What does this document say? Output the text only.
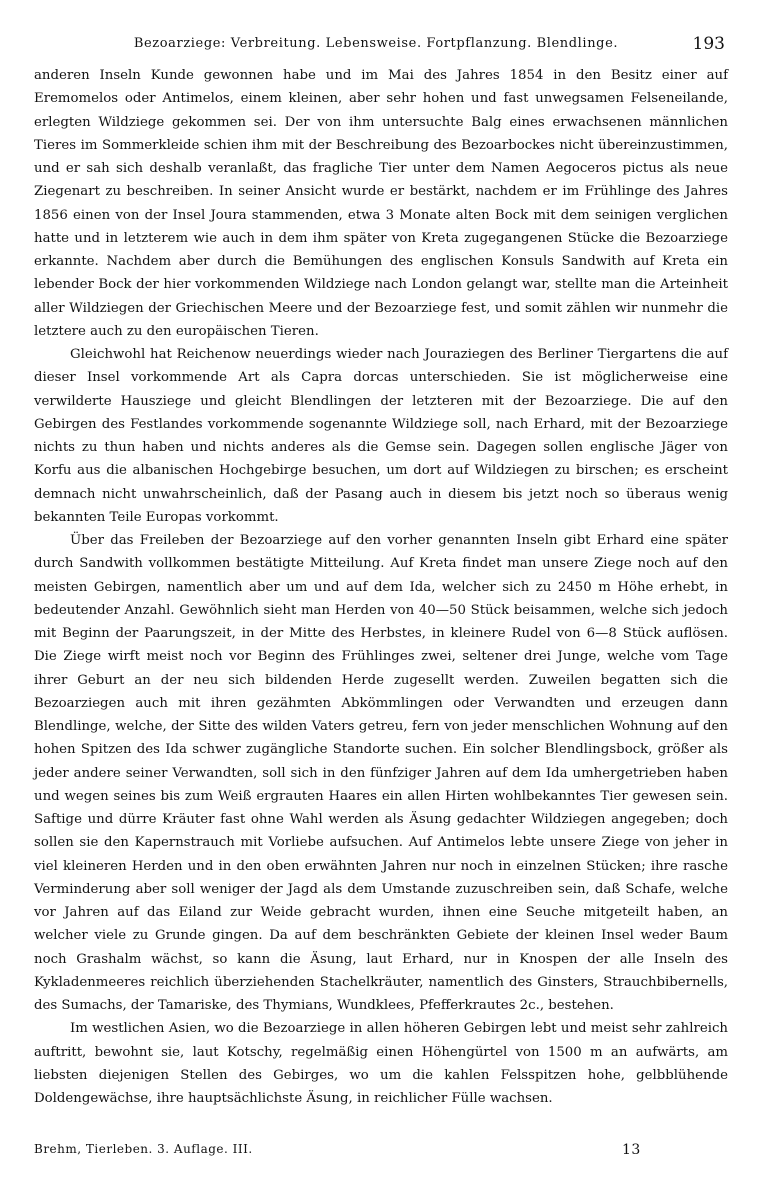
Bezoarziege: Verbreitung. Lebensweise. Fortpflanzung. Blendlinge.	193

anderen Inseln Kunde gewonnen habe und im Mai des Jahres 1854 in den Besitz einer auf Eremomelos oder Antimelos, einem kleinen, aber sehr hohen und fast unwegsamen Felseneilande, erlegten Wildziege gekommen sei. Der von ihm untersuchte Balg eines erwachsenen männlichen Tieres im Sommerkleide schien ihm mit der Beschreibung des Bezoarbockes nicht übereinzustimmen, und er sah sich deshalb veranlaßt, das fragliche Tier unter dem Namen Aegoceros pictus als neue Ziegenart zu beschreiben. In seiner Ansicht wurde er bestärkt, nachdem er im Frühlinge des Jahres 1856 einen von der Insel Joura stammenden, etwa 3 Monate alten Bock mit dem seinigen verglichen hatte und in letzterem wie auch in dem ihm später von Kreta zugegangenen Stücke die Bezoarziege erkannte. Nachdem aber durch die Bemühungen des englischen Konsuls Sandwith auf Kreta ein lebender Bock der hier vorkommenden Wildziege nach London gelangt war, stellte man die Arteinheit aller Wildziegen der Griechischen Meere und der Bezoarziege fest, und somit zählen wir nunmehr die letztere auch zu den europäischen Tieren.

Gleichwohl hat Reichenow neuerdings wieder nach Jouraziegen des Berliner Tiergartens die auf dieser Insel vorkommende Art als Capra dorcas unterschieden. Sie ist möglicherweise eine verwilderte Hausziege und gleicht Blendlingen der letzteren mit der Bezoarziege. Die auf den Gebirgen des Festlandes vorkommende sogenannte Wildziege soll, nach Erhard, mit der Bezoarziege nichts zu thun haben und nichts anderes als die Gemse sein. Dagegen sollen englische Jäger von Korfu aus die albanischen Hochgebirge besuchen, um dort auf Wildziegen zu birschen; es erscheint demnach nicht unwahrscheinlich, daß der Pasang auch in diesem bis jetzt noch so überaus wenig bekannten Teile Europas vorkommt.

Über das Freileben der Bezoarziege auf den vorher genannten Inseln gibt Erhard eine später durch Sandwith vollkommen bestätigte Mitteilung. Auf Kreta findet man unsere Ziege noch auf den meisten Gebirgen, namentlich aber um und auf dem Ida, welcher sich zu 2450 m Höhe erhebt, in bedeutender Anzahl. Gewöhnlich sieht man Herden von 40—50 Stück beisammen, welche sich jedoch mit Beginn der Paarungszeit, in der Mitte des Herbstes, in kleinere Rudel von 6—8 Stück auflösen. Die Ziege wirft meist noch vor Beginn des Frühlinges zwei, seltener drei Junge, welche vom Tage ihrer Geburt an der neu sich bildenden Herde zugesellt werden. Zuweilen begatten sich die Bezoarziegen auch mit ihren gezähmten Abkömmlingen oder Verwandten und erzeugen dann Blendlinge, welche, der Sitte des wilden Vaters getreu, fern von jeder menschlichen Wohnung auf den hohen Spitzen des Ida schwer zugängliche Standorte suchen. Ein solcher Blendlingsbock, größer als jeder andere seiner Verwandten, soll sich in den fünfziger Jahren auf dem Ida umhergetrieben haben und wegen seines bis zum Weiß ergrauten Haares ein allen Hirten wohlbekanntes Tier gewesen sein. Saftige und dürre Kräuter fast ohne Wahl werden als Äsung gedachter Wildziegen angegeben; doch sollen sie den Kapernstrauch mit Vorliebe aufsuchen. Auf Antimelos lebte unsere Ziege von jeher in viel kleineren Herden und in den oben erwähnten Jahren nur noch in einzelnen Stücken; ihre rasche Verminderung aber soll weniger der Jagd als dem Umstande zuzuschreiben sein, daß Schafe, welche vor Jahren auf das Eiland zur Weide gebracht wurden, ihnen eine Seuche mitgeteilt haben, an welcher viele zu Grunde gingen. Da auf dem beschränkten Gebiete der kleinen Insel weder Baum noch Grashalm wächst, so kann die Äsung, laut Erhard, nur in Knospen der alle Inseln des Kykladenmeeres reichlich überziehenden Stachelkräuter, namentlich des Ginsters, Strauchbibernells, des Sumachs, der Tamariske, des Thymians, Wundklees, Pfefferkrautes 2c., bestehen.

Im westlichen Asien, wo die Bezoarziege in allen höheren Gebirgen lebt und meist sehr zahlreich auftritt, bewohnt sie, laut Kotschy, regelmäßig einen Höhengürtel von 1500 m an aufwärts, am liebsten diejenigen Stellen des Gebirges, wo um die kahlen Felsspitzen hohe, gelbblühende Doldengewächse, ihre hauptsächlichste Äsung, in reichlicher Fülle wachsen.

Brehm, Tierleben. 3. Auflage. III.	13
